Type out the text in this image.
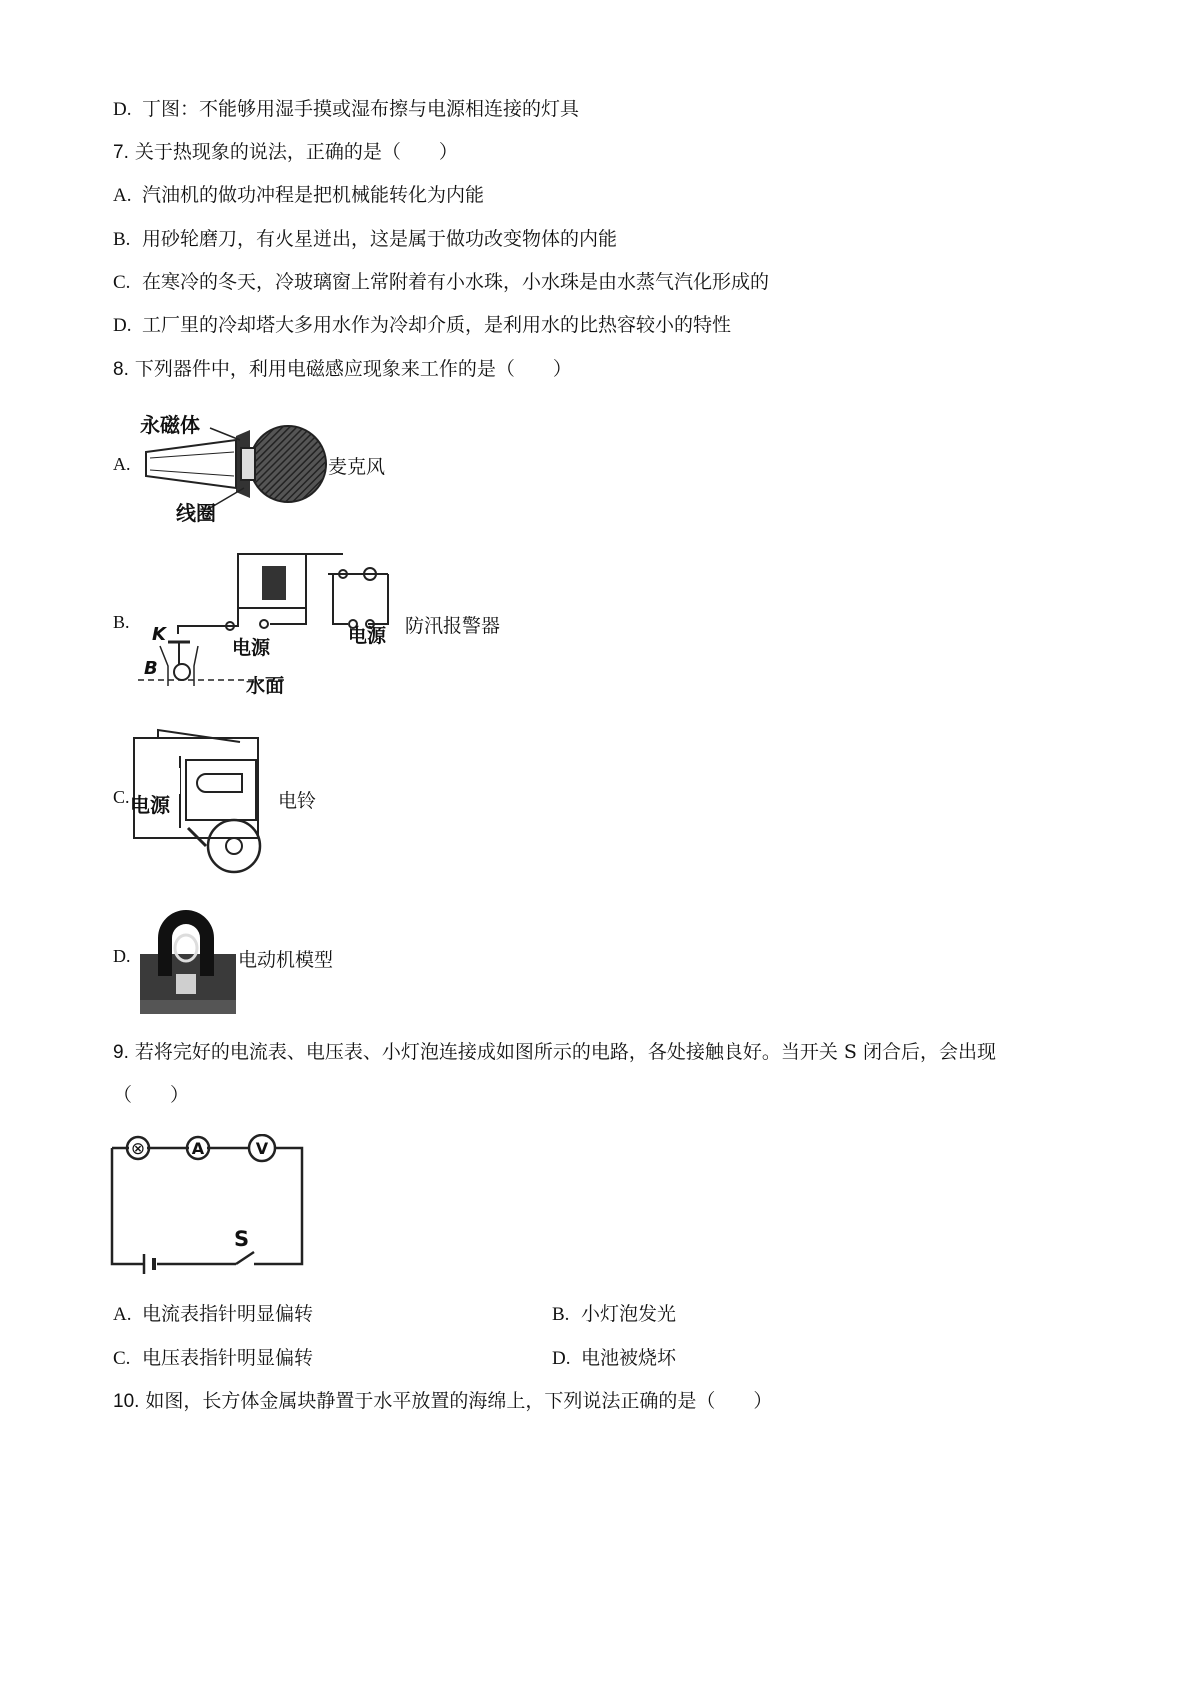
D. 丁图：不能够用湿手摸或湿布擦与电源相连接的灯具
7. 关于热现象的说法，正确的是（　　）
A. 汽油机的做功冲程是把机械能转化为内能
B. 用砂轮磨刀，有火星迸出，这是属于做功改变物体的内能
C. 在寒冷的冬天，冷玻璃窗上常附着有小水珠，小水珠是由水蒸气汽化形成的
D. 工厂里的冷却塔大多用水作为冷却介质，是利用水的比热容较小的特性
8. 下列器件中，利用电磁感应现象来工作的是（　　）
A.
永磁体
线圈
麦克风
B.
K
B
电源
电源
水面
防汛报警器
C. 电源	电铃
D.	电动机模型
9. 若将完好的电流表、电压表、小灯泡连接成如图所示的电路，各处接触良好。当开关 S 闭合后，会出现
（　　）
⊗	A	V
S
A. 电流表指针明显偏转	B. 小灯泡发光
C. 电压表指针明显偏转	D. 电池被烧坏
10. 如图，长方体金属块静置于水平放置的海绵上，下列说法正确的是（　　）
